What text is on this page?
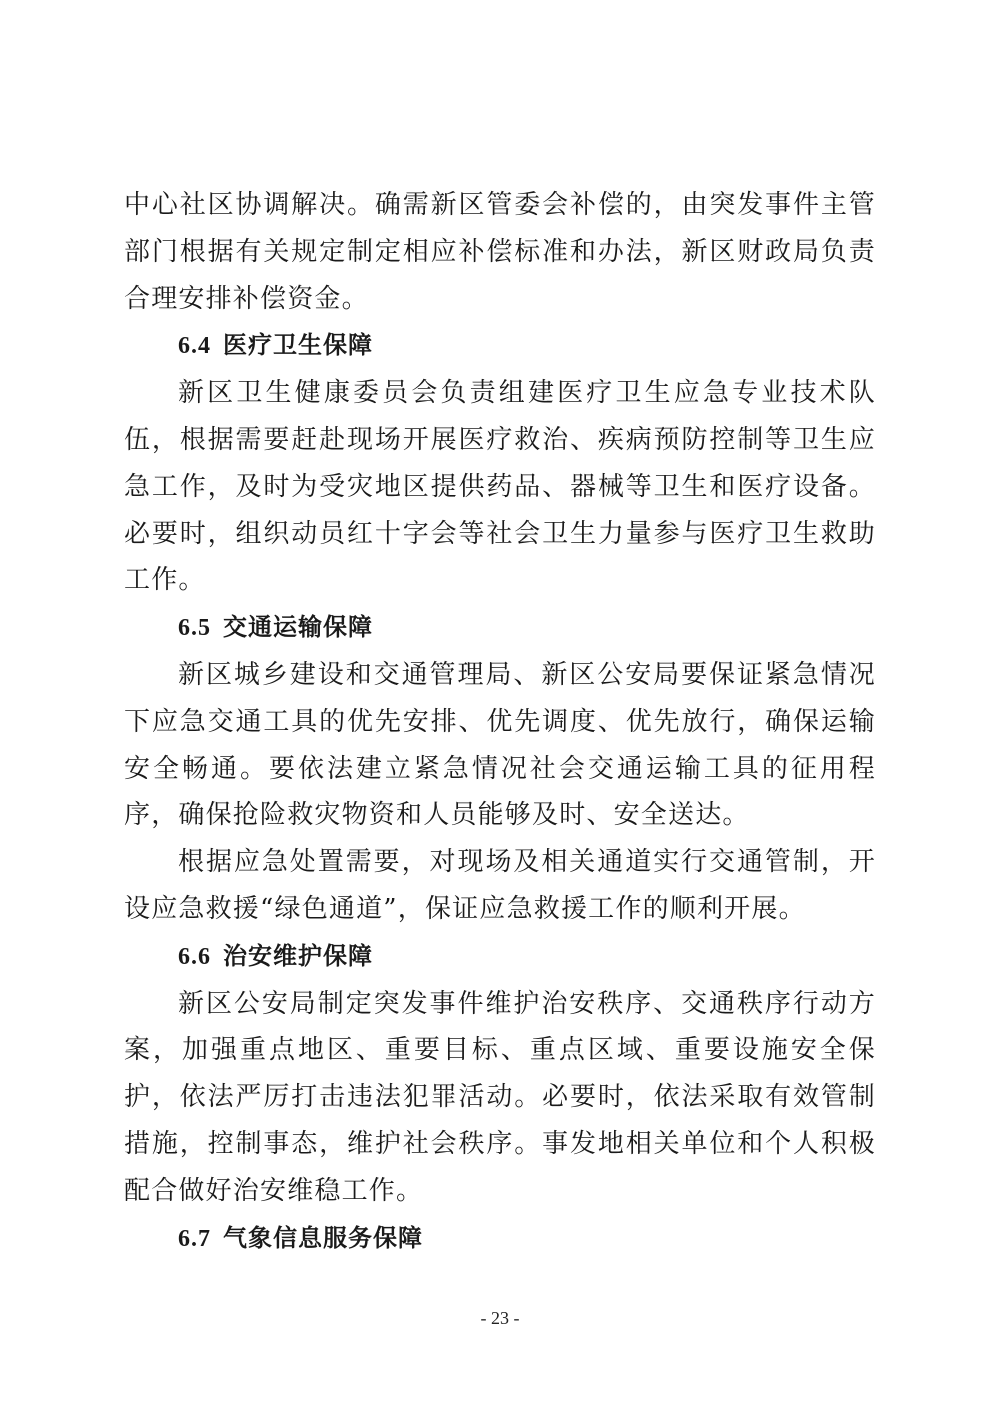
中心社区协调解决。确需新区管委会补偿的，由突发事件主管部门根据有关规定制定相应补偿标准和办法，新区财政局负责合理安排补偿资金。

6.4 医疗卫生保障

新区卫生健康委员会负责组建医疗卫生应急专业技术队伍，根据需要赶赴现场开展医疗救治、疾病预防控制等卫生应急工作，及时为受灾地区提供药品、器械等卫生和医疗设备。必要时，组织动员红十字会等社会卫生力量参与医疗卫生救助工作。

6.5 交通运输保障

新区城乡建设和交通管理局、新区公安局要保证紧急情况下应急交通工具的优先安排、优先调度、优先放行，确保运输安全畅通。要依法建立紧急情况社会交通运输工具的征用程序，确保抢险救灾物资和人员能够及时、安全送达。

根据应急处置需要，对现场及相关通道实行交通管制，开设应急救援“绿色通道”，保证应急救援工作的顺利开展。

6.6 治安维护保障

新区公安局制定突发事件维护治安秩序、交通秩序行动方案，加强重点地区、重要目标、重点区域、重要设施安全保护，依法严厉打击违法犯罪活动。必要时，依法采取有效管制措施，控制事态，维护社会秩序。事发地相关单位和个人积极配合做好治安维稳工作。

6.7 气象信息服务保障

- 23 -
